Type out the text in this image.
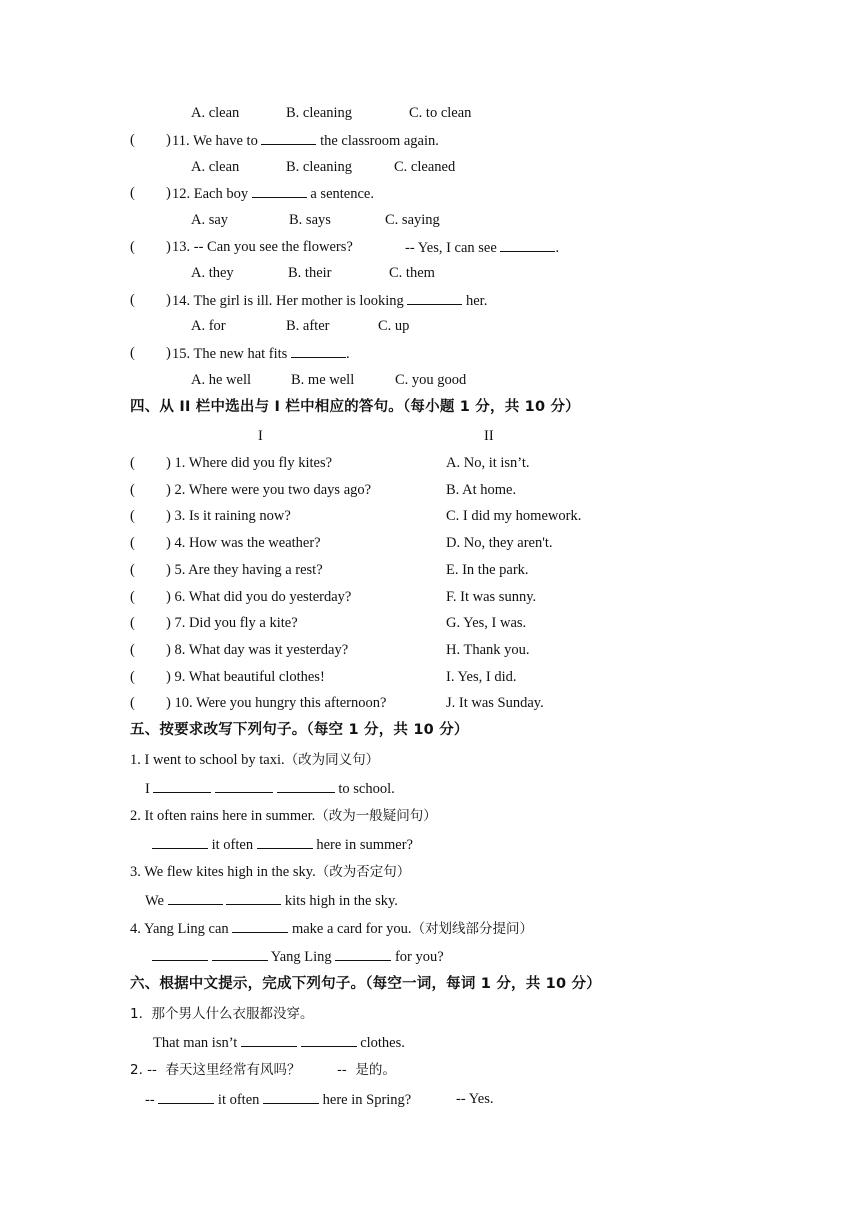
A. clean	B. cleaning	C. to clean
( ) 11. We have to	the classroom again.
A. clean	B. cleaning	C. cleaned
( ) 12. Each boy	a sentence.
A. say	B. says	C. saying
( ) 13. -- Can you see the flowers?	-- Yes, I can see	.
A. they	B. their	C. them
( ) 14. The girl is ill. Her mother is looking	her.
A. for	B. after	C. up
( ) 15. The new hat fits	.
A. he well	B. me well	C. you good
四、从 II 栏中选出与 I 栏中相应的答句。（每小题 1 分，共 10 分）
I	II
( ) 1. Where did you fly kites?	A. No, it isn’t.
( ) 2. Where were you two days ago?	B. At home.
( ) 3. Is it raining now?	C. I did my homework.
( ) 4. How was the weather?	D. No, they aren't.
( ) 5. Are they having a rest?	E. In the park.
( ) 6. What did you do yesterday?	F. It was sunny.
( ) 7. Did you fly a kite?	G. Yes, I was.
( ) 8. What day was it yesterday?	H. Thank you.
( ) 9. What beautiful clothes!	I. Yes, I did.
( ) 10. Were you hungry this afternoon?	J. It was Sunday.
五、按要求改写下列句子。（每空 1 分，共 10 分）
1. I went to school by taxi.（改为同义句）
I	to school.
2. It often rains here in summer.（改为一般疑问句）
it often	here in summer?
3. We flew kites high in the sky.（改为否定句）
We	kits high in the sky.
4. Yang Ling can	make a card for you.（对划线部分提问）
Yang Ling	for you?
六、根据中文提示，完成下列句子。（每空一词，每词 1 分，共 10 分）
1.  那个男人什么衣服都没穿。
That man isn’t	clothes.
2. --  春天这里经常有风吗？	--  是的。
--	it often	here in Spring?	-- Yes.
